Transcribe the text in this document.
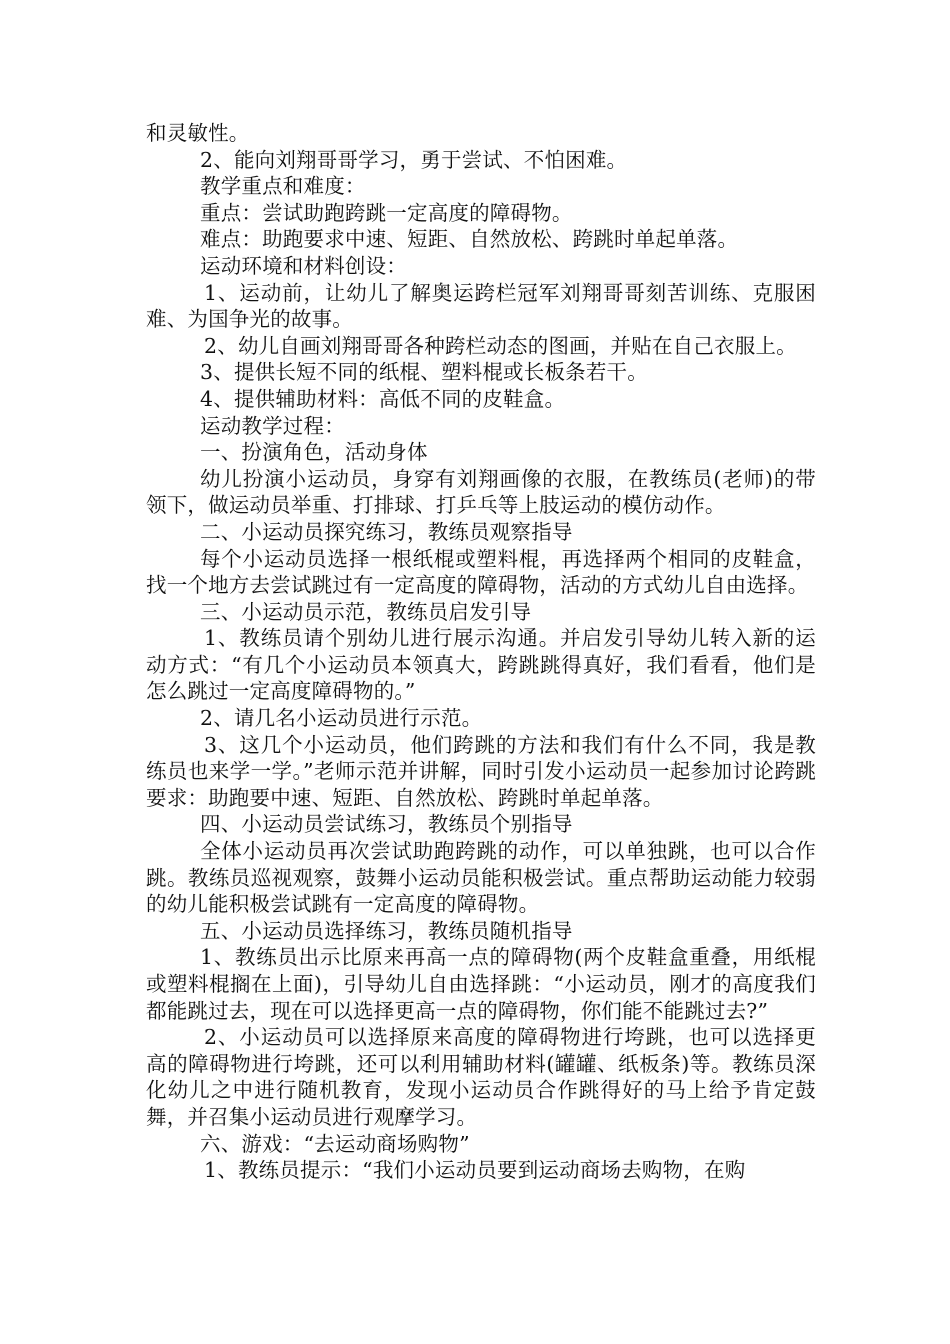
和灵敏性。

2、能向刘翔哥哥学习，勇于尝试、不怕困难。

教学重点和难度：

重点：尝试助跑跨跳一定高度的障碍物。

难点：助跑要求中速、短距、自然放松、跨跳时单起单落。

运动环境和材料创设：

1、运动前，让幼儿了解奥运跨栏冠军刘翔哥哥刻苦训练、克服困难、为国争光的故事。

2、幼儿自画刘翔哥哥各种跨栏动态的图画，并贴在自己衣服上。

3、提供长短不同的纸棍、塑料棍或长板条若干。

4、提供辅助材料：高低不同的皮鞋盒。

运动教学过程：

一、扮演角色，活动身体

幼儿扮演小运动员，身穿有刘翔画像的衣服，在教练员(老师)的带领下，做运动员举重、打排球、打乒乓等上肢运动的模仿动作。

二、小运动员探究练习，教练员观察指导

每个小运动员选择一根纸棍或塑料棍，再选择两个相同的皮鞋盒，找一个地方去尝试跳过有一定高度的障碍物，活动的方式幼儿自由选择。

三、小运动员示范，教练员启发引导

1、教练员请个别幼儿进行展示沟通。并启发引导幼儿转入新的运动方式：“有几个小运动员本领真大，跨跳跳得真好，我们看看，他们是怎么跳过一定高度障碍物的。”

2、请几名小运动员进行示范。

3、这几个小运动员，他们跨跳的方法和我们有什么不同，我是教练员也来学一学。”老师示范并讲解，同时引发小运动员一起参加讨论跨跳要求：助跑要中速、短距、自然放松、跨跳时单起单落。

四、小运动员尝试练习，教练员个别指导

全体小运动员再次尝试助跑跨跳的动作，可以单独跳，也可以合作跳。教练员巡视观察，鼓舞小运动员能积极尝试。重点帮助运动能力较弱的幼儿能积极尝试跳有一定高度的障碍物。

五、小运动员选择练习，教练员随机指导

1、教练员出示比原来再高一点的障碍物(两个皮鞋盒重叠，用纸棍或塑料棍搁在上面)，引导幼儿自由选择跳：“小运动员，刚才的高度我们都能跳过去，现在可以选择更高一点的障碍物，你们能不能跳过去?”

2、小运动员可以选择原来高度的障碍物进行垮跳，也可以选择更高的障碍物进行垮跳，还可以利用辅助材料(罐罐、纸板条)等。教练员深化幼儿之中进行随机教育，发现小运动员合作跳得好的马上给予肯定鼓舞，并召集小运动员进行观摩学习。

六、游戏：“去运动商场购物”

1、教练员提示：“我们小运动员要到运动商场去购物，在购
